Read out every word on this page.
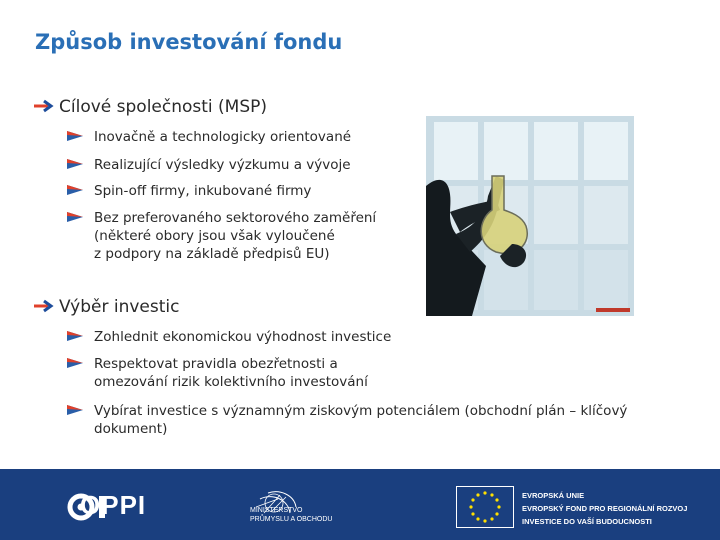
Způsob investování fondu
Cílové společnosti (MSP)
Inovačně a technologicky orientované
Realizující výsledky výzkumu a vývoje
Spin-off firmy, inkubované firmy
Bez preferovaného sektorového zaměření
(některé obory jsou však vyloučené
z podpory na základě předpisů EU)
Výběr investic
Zohlednit ekonomickou výhodnost investice
Respektovat pravidla obezřetnosti a
omezování rizik kolektivního investování
Vybírat investice s významným ziskovým potenciálem (obchodní plán – klíčový
dokument)
OPPI	MINISTERSTVO
PRŮMYSLU A OBCHODU
EVROPSKÁ UNIE
EVROPSKÝ FOND PRO REGIONÁLNÍ ROZVOJ
INVESTICE DO VAŠÍ BUDOUCNOSTI
